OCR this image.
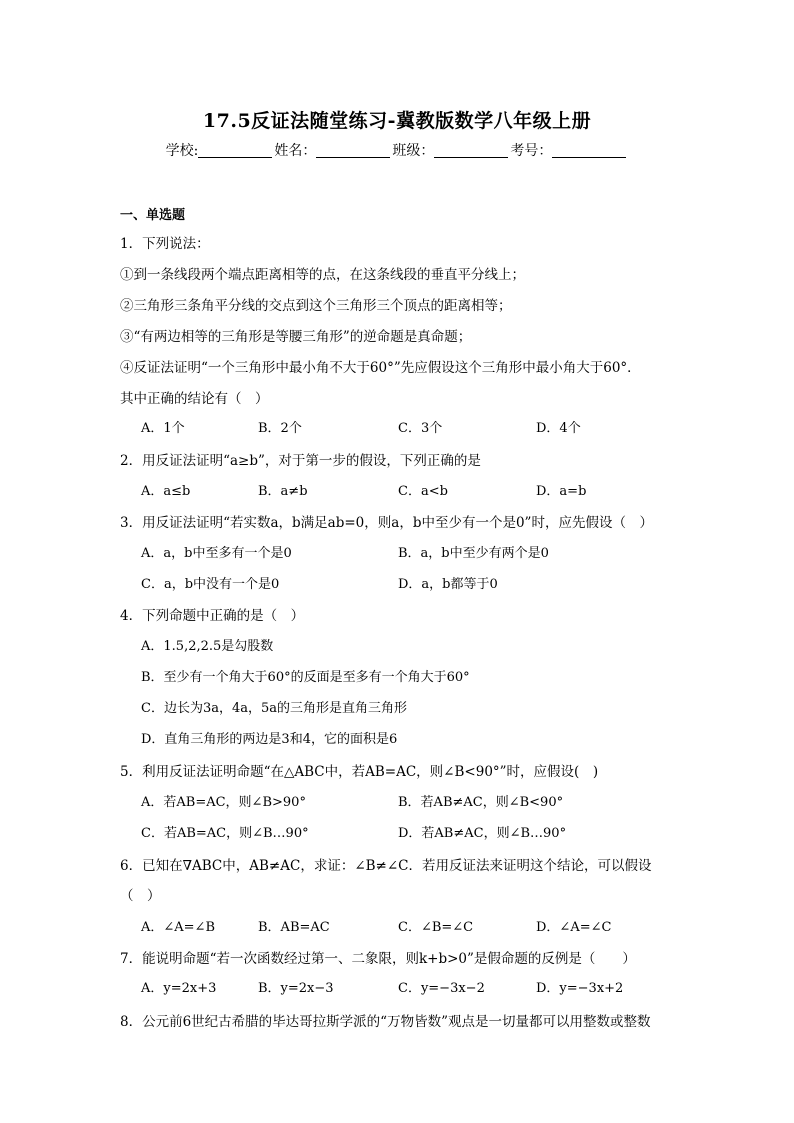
17.5反证法随堂练习-冀教版数学八年级上册
学校:	姓名：	班级：	考号：
一、单选题
1．下列说法：
①到一条线段两个端点距离相等的点，在这条线段的垂直平分线上；
②三角形三条角平分线的交点到这个三角形三个顶点的距离相等；
③“有两边相等的三角形是等腰三角形”的逆命题是真命题；
④反证法证明“一个三角形中最小角不大于60°”先应假设这个三角形中最小角大于60°．
其中正确的结论有（　）
A．1个	B．2个	C．3个	D．4个
2．用反证法证明“a≥b”，对于第一步的假设，下列正确的是
A．a≤b	B．a≠b	C．a<b	D．a=b
3．用反证法证明“若实数a，b满足ab=0，则a，b中至少有一个是0”时，应先假设（　）
A．a，b中至多有一个是0	B．a，b中至少有两个是0
C．a，b中没有一个是0	D．a，b都等于0
4．下列命题中正确的是（　）
A．1.5,2,2.5是勾股数
B．至少有一个角大于60°的反面是至多有一个角大于60°
C．边长为3a，4a，5a的三角形是直角三角形
D．直角三角形的两边是3和4，它的面积是6
5．利用反证法证明命题“在△ABC中，若AB=AC，则∠B<90°”时，应假设(　)
A．若AB=AC，则∠B>90°	B．若AB≠AC，则∠B<90°
C．若AB=AC，则∠B…90°	D．若AB≠AC，则∠B…90°
6．已知在∇ABC中，AB≠AC，求证：∠B≠∠C．若用反证法来证明这个结论，可以假设
（　）
A．∠A=∠B	B．AB=AC	C．∠B=∠C	D．∠A=∠C
7．能说明命题“若一次函数经过第一、二象限，则k+b>0”是假命题的反例是（　　）
A．y=2x+3	B．y=2x−3	C．y=−3x−2	D．y=−3x+2
8．公元前6世纪古希腊的毕达哥拉斯学派的“万物皆数”观点是一切量都可以用整数或整数
